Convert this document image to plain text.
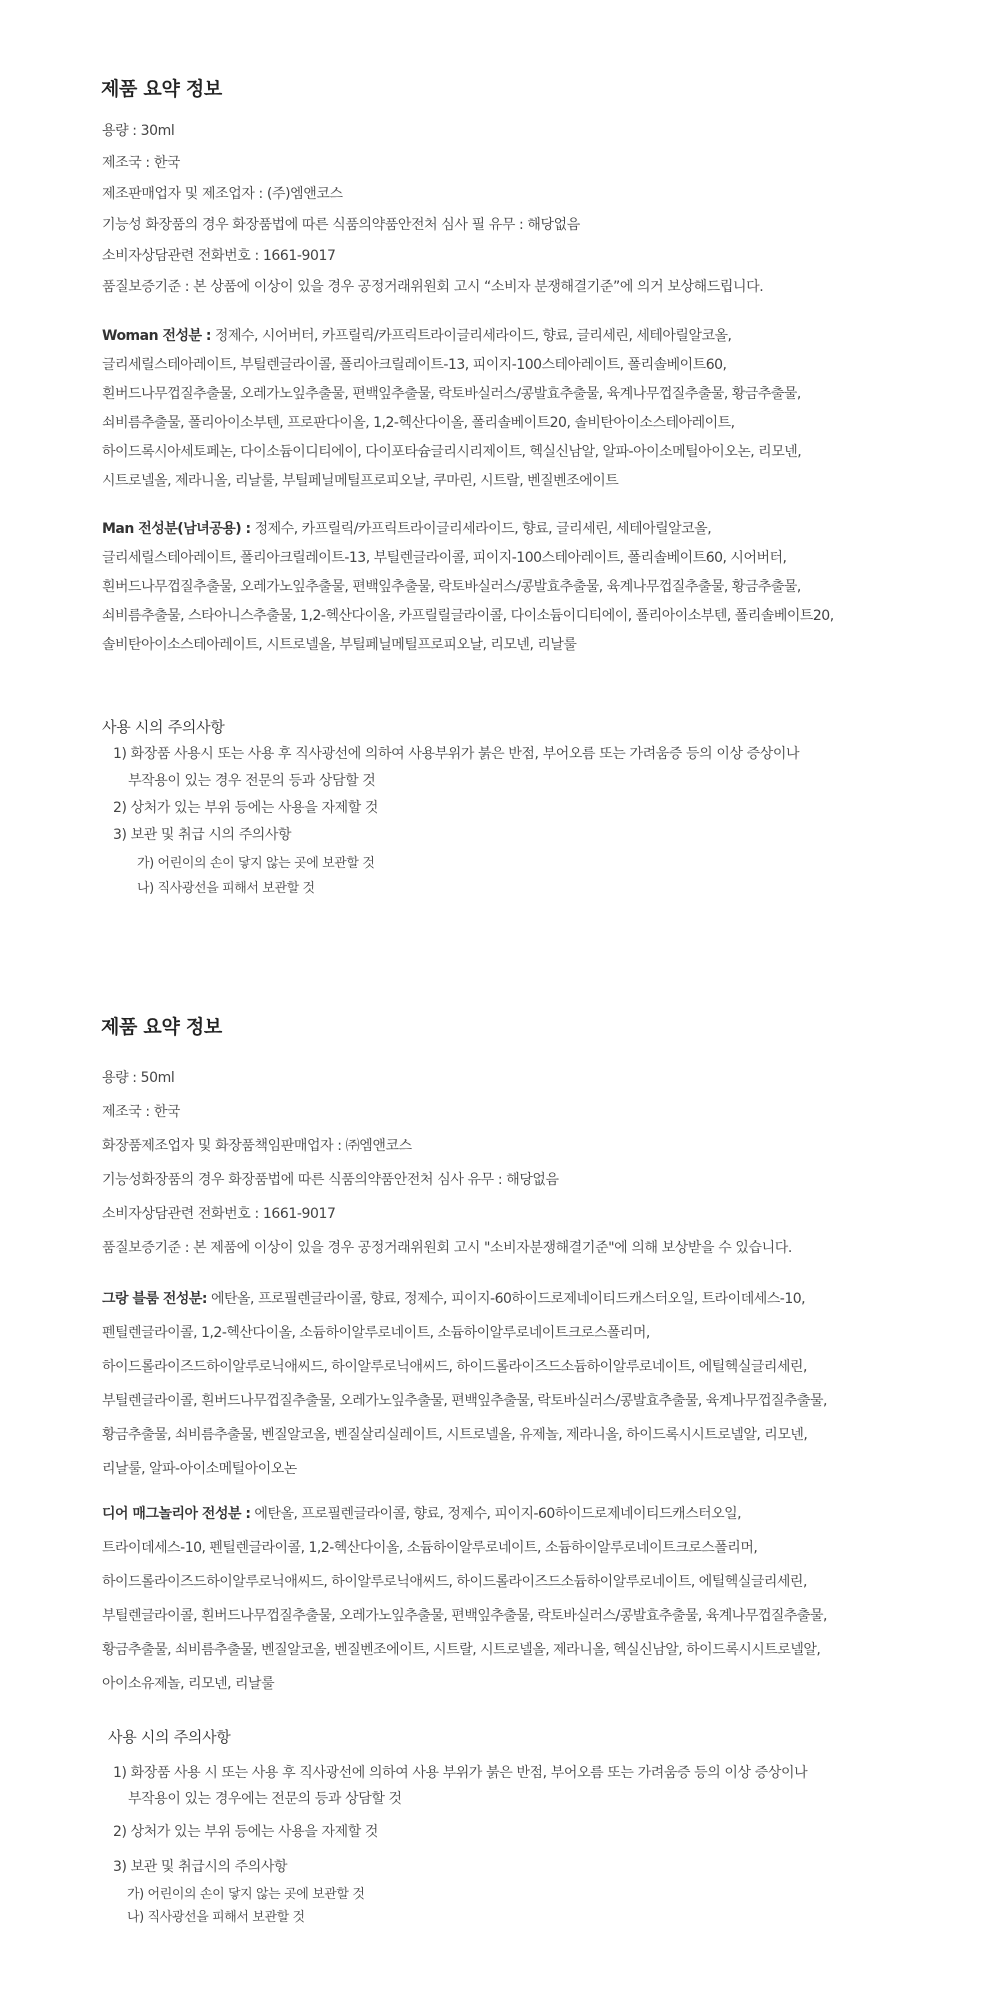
제품 요약 정보
용량 : 30ml
제조국 : 한국
제조판매업자 및 제조업자 : (주)엠앤코스
기능성 화장품의 경우 화장품법에 따른 식품의약품안전처 심사 필 유무 : 해당없음
소비자상담관련 전화번호 : 1661-9017
품질보증기준 : 본 상품에 이상이 있을 경우 공정거래위원회 고시 “소비자 분쟁해결기준”에 의거 보상해드립니다.
Woman 전성분 : 정제수, 시어버터, 카프릴릭/카프릭트라이글리세라이드, 향료, 글리세린, 세테아릴알코올,
글리세릴스테아레이트, 부틸렌글라이콜, 폴리아크릴레이트-13, 피이지-100스테아레이트, 폴리솔베이트60,
흰버드나무껍질추출물, 오레가노잎추출물, 편백잎추출물, 락토바실러스/콩발효추출물, 육계나무껍질추출물, 황금추출물,
쇠비름추출물, 폴리아이소부텐, 프로판다이올, 1,2-헥산다이올, 폴리솔베이트20, 솔비탄아이소스테아레이트,
하이드록시아세토페논, 다이소듐이디티에이, 다이포타슘글리시리제이트, 헥실신남알, 알파-아이소메틸아이오논, 리모넨,
시트로넬올, 제라니올, 리날룰, 부틸페닐메틸프로피오날, 쿠마린, 시트랄, 벤질벤조에이트
Man 전성분(남녀공용) : 정제수, 카프릴릭/카프릭트라이글리세라이드, 향료, 글리세린, 세테아릴알코올,
글리세릴스테아레이트, 폴리아크릴레이트-13, 부틸렌글라이콜, 피이지-100스테아레이트, 폴리솔베이트60, 시어버터,
흰버드나무껍질추출물, 오레가노잎추출물, 편백잎추출물, 락토바실러스/콩발효추출물, 육계나무껍질추출물, 황금추출물,
쇠비름추출물, 스타아니스추출물, 1,2-헥산다이올, 카프릴릴글라이콜, 다이소듐이디티에이, 폴리아이소부텐, 폴리솔베이트20,
솔비탄아이소스테아레이트, 시트로넬올, 부틸페닐메틸프로피오날, 리모넨, 리날룰
사용 시의 주의사항
1) 화장품 사용시 또는 사용 후 직사광선에 의하여 사용부위가 붉은 반점, 부어오름 또는 가려움증 등의 이상 증상이나
부작용이 있는 경우 전문의 등과 상담할 것
2) 상처가 있는 부위 등에는 사용을 자제할 것
3) 보관 및 취급 시의 주의사항
가) 어린이의 손이 닿지 않는 곳에 보관할 것
나) 직사광선을 피해서 보관할 것
제품 요약 정보
용량 : 50ml
제조국 : 한국
화장품제조업자 및 화장품책임판매업자 : ㈜엠앤코스
기능성화장품의 경우 화장품법에 따른 식품의약품안전처 심사 유무 : 해당없음
소비자상담관련 전화번호 : 1661-9017
품질보증기준 : 본 제품에 이상이 있을 경우 공정거래위원회 고시 "소비자분쟁해결기준"에 의해 보상받을 수 있습니다.
그랑 블룸 전성분: 에탄올, 프로필렌글라이콜, 향료, 정제수, 피이지-60하이드로제네이티드캐스터오일, 트라이데세스-10,
펜틸렌글라이콜, 1,2-헥산다이올, 소듐하이알루로네이트, 소듐하이알루로네이트크로스폴리머,
하이드롤라이즈드하이알루로닉애씨드, 하이알루로닉애씨드, 하이드롤라이즈드소듐하이알루로네이트, 에틸헥실글리세린,
부틸렌글라이콜, 흰버드나무껍질추출물, 오레가노잎추출물, 편백잎추출물, 락토바실러스/콩발효추출물, 육계나무껍질추출물,
황금추출물, 쇠비름추출물, 벤질알코올, 벤질살리실레이트, 시트로넬올, 유제놀, 제라니올, 하이드록시시트로넬알, 리모넨,
리날룰, 알파-아이소메틸아이오논
디어 매그놀리아 전성분 : 에탄올, 프로필렌글라이콜, 향료, 정제수, 피이지-60하이드로제네이티드캐스터오일,
트라이데세스-10, 펜틸렌글라이콜, 1,2-헥산다이올, 소듐하이알루로네이트, 소듐하이알루로네이트크로스폴리머,
하이드롤라이즈드하이알루로닉애씨드, 하이알루로닉애씨드, 하이드롤라이즈드소듐하이알루로네이트, 에틸헥실글리세린,
부틸렌글라이콜, 흰버드나무껍질추출물, 오레가노잎추출물, 편백잎추출물, 락토바실러스/콩발효추출물, 육계나무껍질추출물,
황금추출물, 쇠비름추출물, 벤질알코올, 벤질벤조에이트, 시트랄, 시트로넬올, 제라니올, 헥실신남알, 하이드록시시트로넬알,
아이소유제놀, 리모넨, 리날룰
사용 시의 주의사항
1) 화장품 사용 시 또는 사용 후 직사광선에 의하여 사용 부위가 붉은 반점, 부어오름 또는 가려움증 등의 이상 증상이나
부작용이 있는 경우에는 전문의 등과 상담할 것
2) 상처가 있는 부위 등에는 사용을 자제할 것
3) 보관 및 취급시의 주의사항
가) 어린이의 손이 닿지 않는 곳에 보관할 것
나) 직사광선을 피해서 보관할 것
